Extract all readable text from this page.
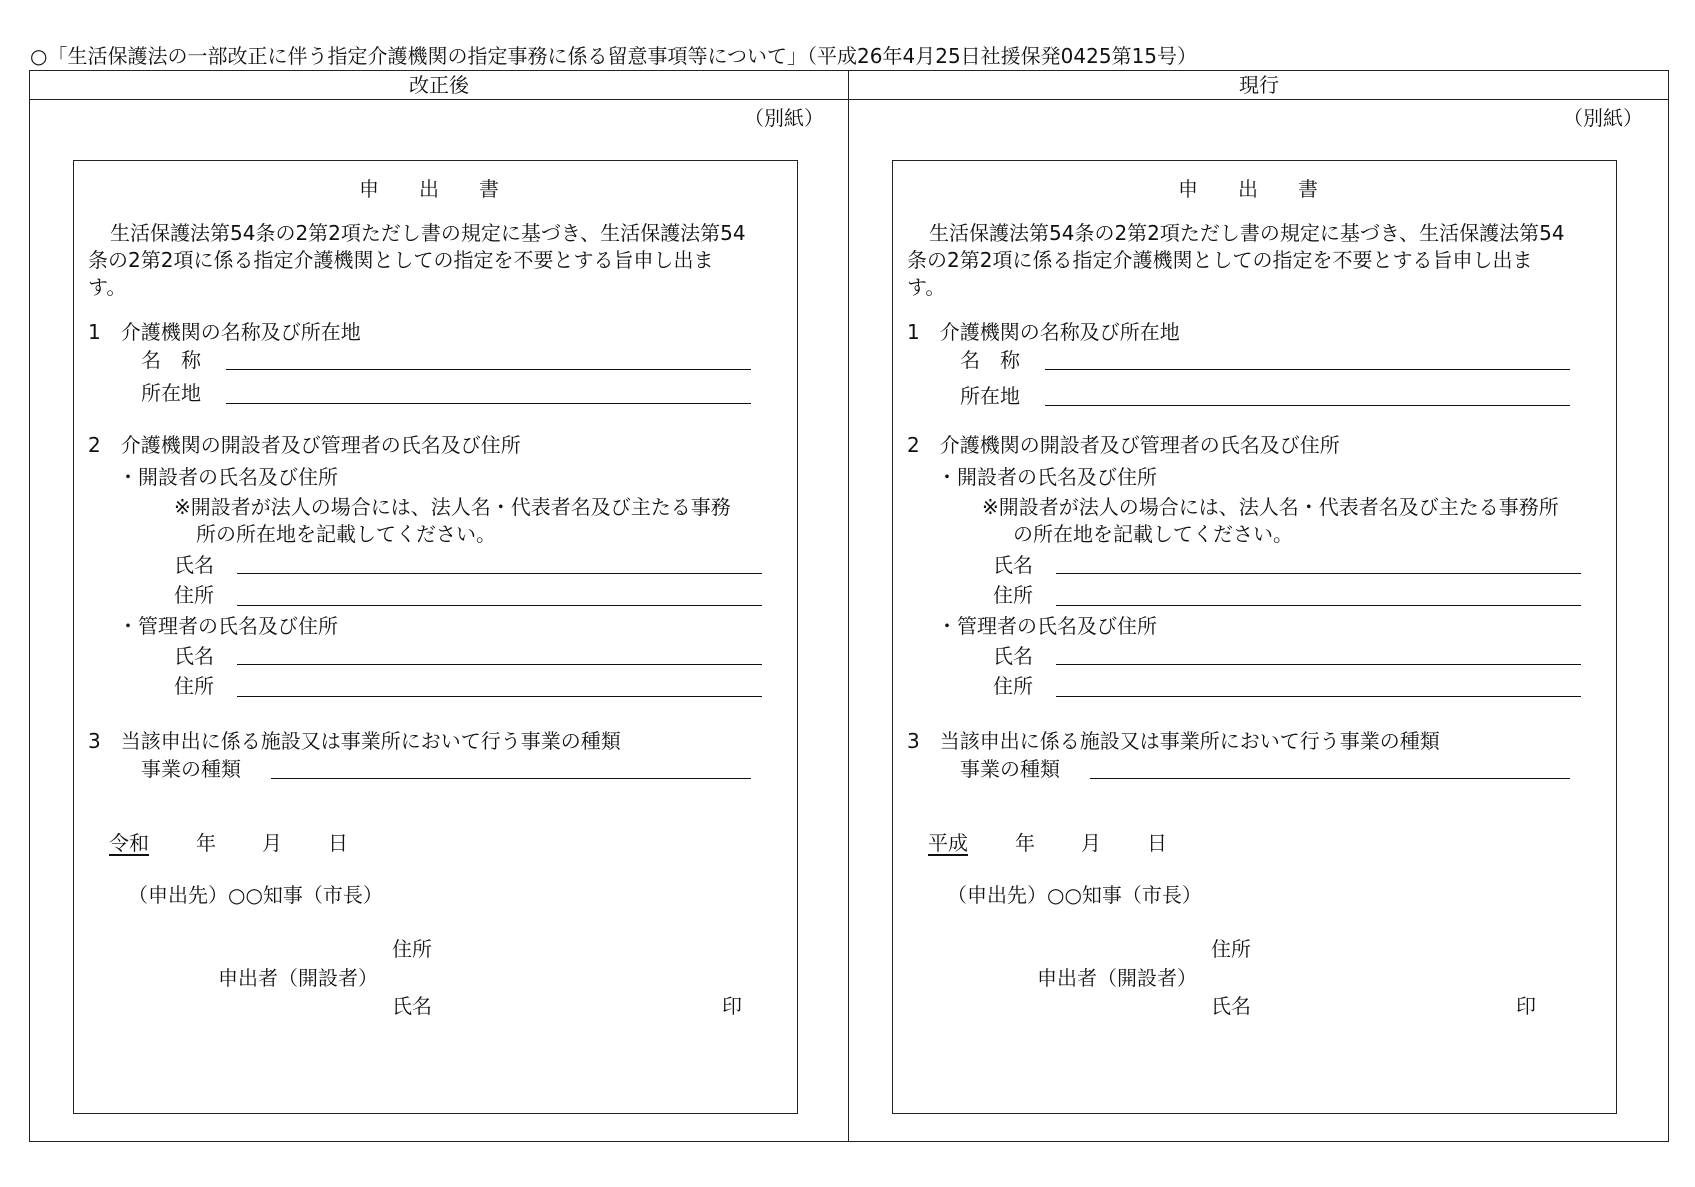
○「生活保護法の一部改正に伴う指定介護機関の指定事務に係る留意事項等について」（平成26年4月25日社援保発0425第15号）
改正後	現行
（別紙）
申出書
生活保護法第54条の2第2項ただし書の規定に基づき、生活保護法第54
条の2第2項に係る指定介護機関としての指定を不要とする旨申し出ま
す。
1　介護機関の名称及び所在地
名　称
所在地
2　介護機関の開設者及び管理者の氏名及び住所
・開設者の氏名及び住所
※開設者が法人の場合には、法人名・代表者名及び主たる事務
所の所在地を記載してください。
氏名
住所
・管理者の氏名及び住所
氏名
住所
3　当該申出に係る施設又は事業所において行う事業の種類
事業の種類
令和 年 月 日
（申出先）○○知事（市長）
住所
申出者（開設者）
氏名	印
（別紙）
申出書
生活保護法第54条の2第2項ただし書の規定に基づき、生活保護法第54
条の2第2項に係る指定介護機関としての指定を不要とする旨申し出ま
す。
1　介護機関の名称及び所在地
名　称
所在地
2　介護機関の開設者及び管理者の氏名及び住所
・開設者の氏名及び住所
※開設者が法人の場合には、法人名・代表者名及び主たる事務所
の所在地を記載してください。
氏名
住所
・管理者の氏名及び住所
氏名
住所
3　当該申出に係る施設又は事業所において行う事業の種類
事業の種類
平成 年 月 日
（申出先）○○知事（市長）
住所
申出者（開設者）
氏名	印
